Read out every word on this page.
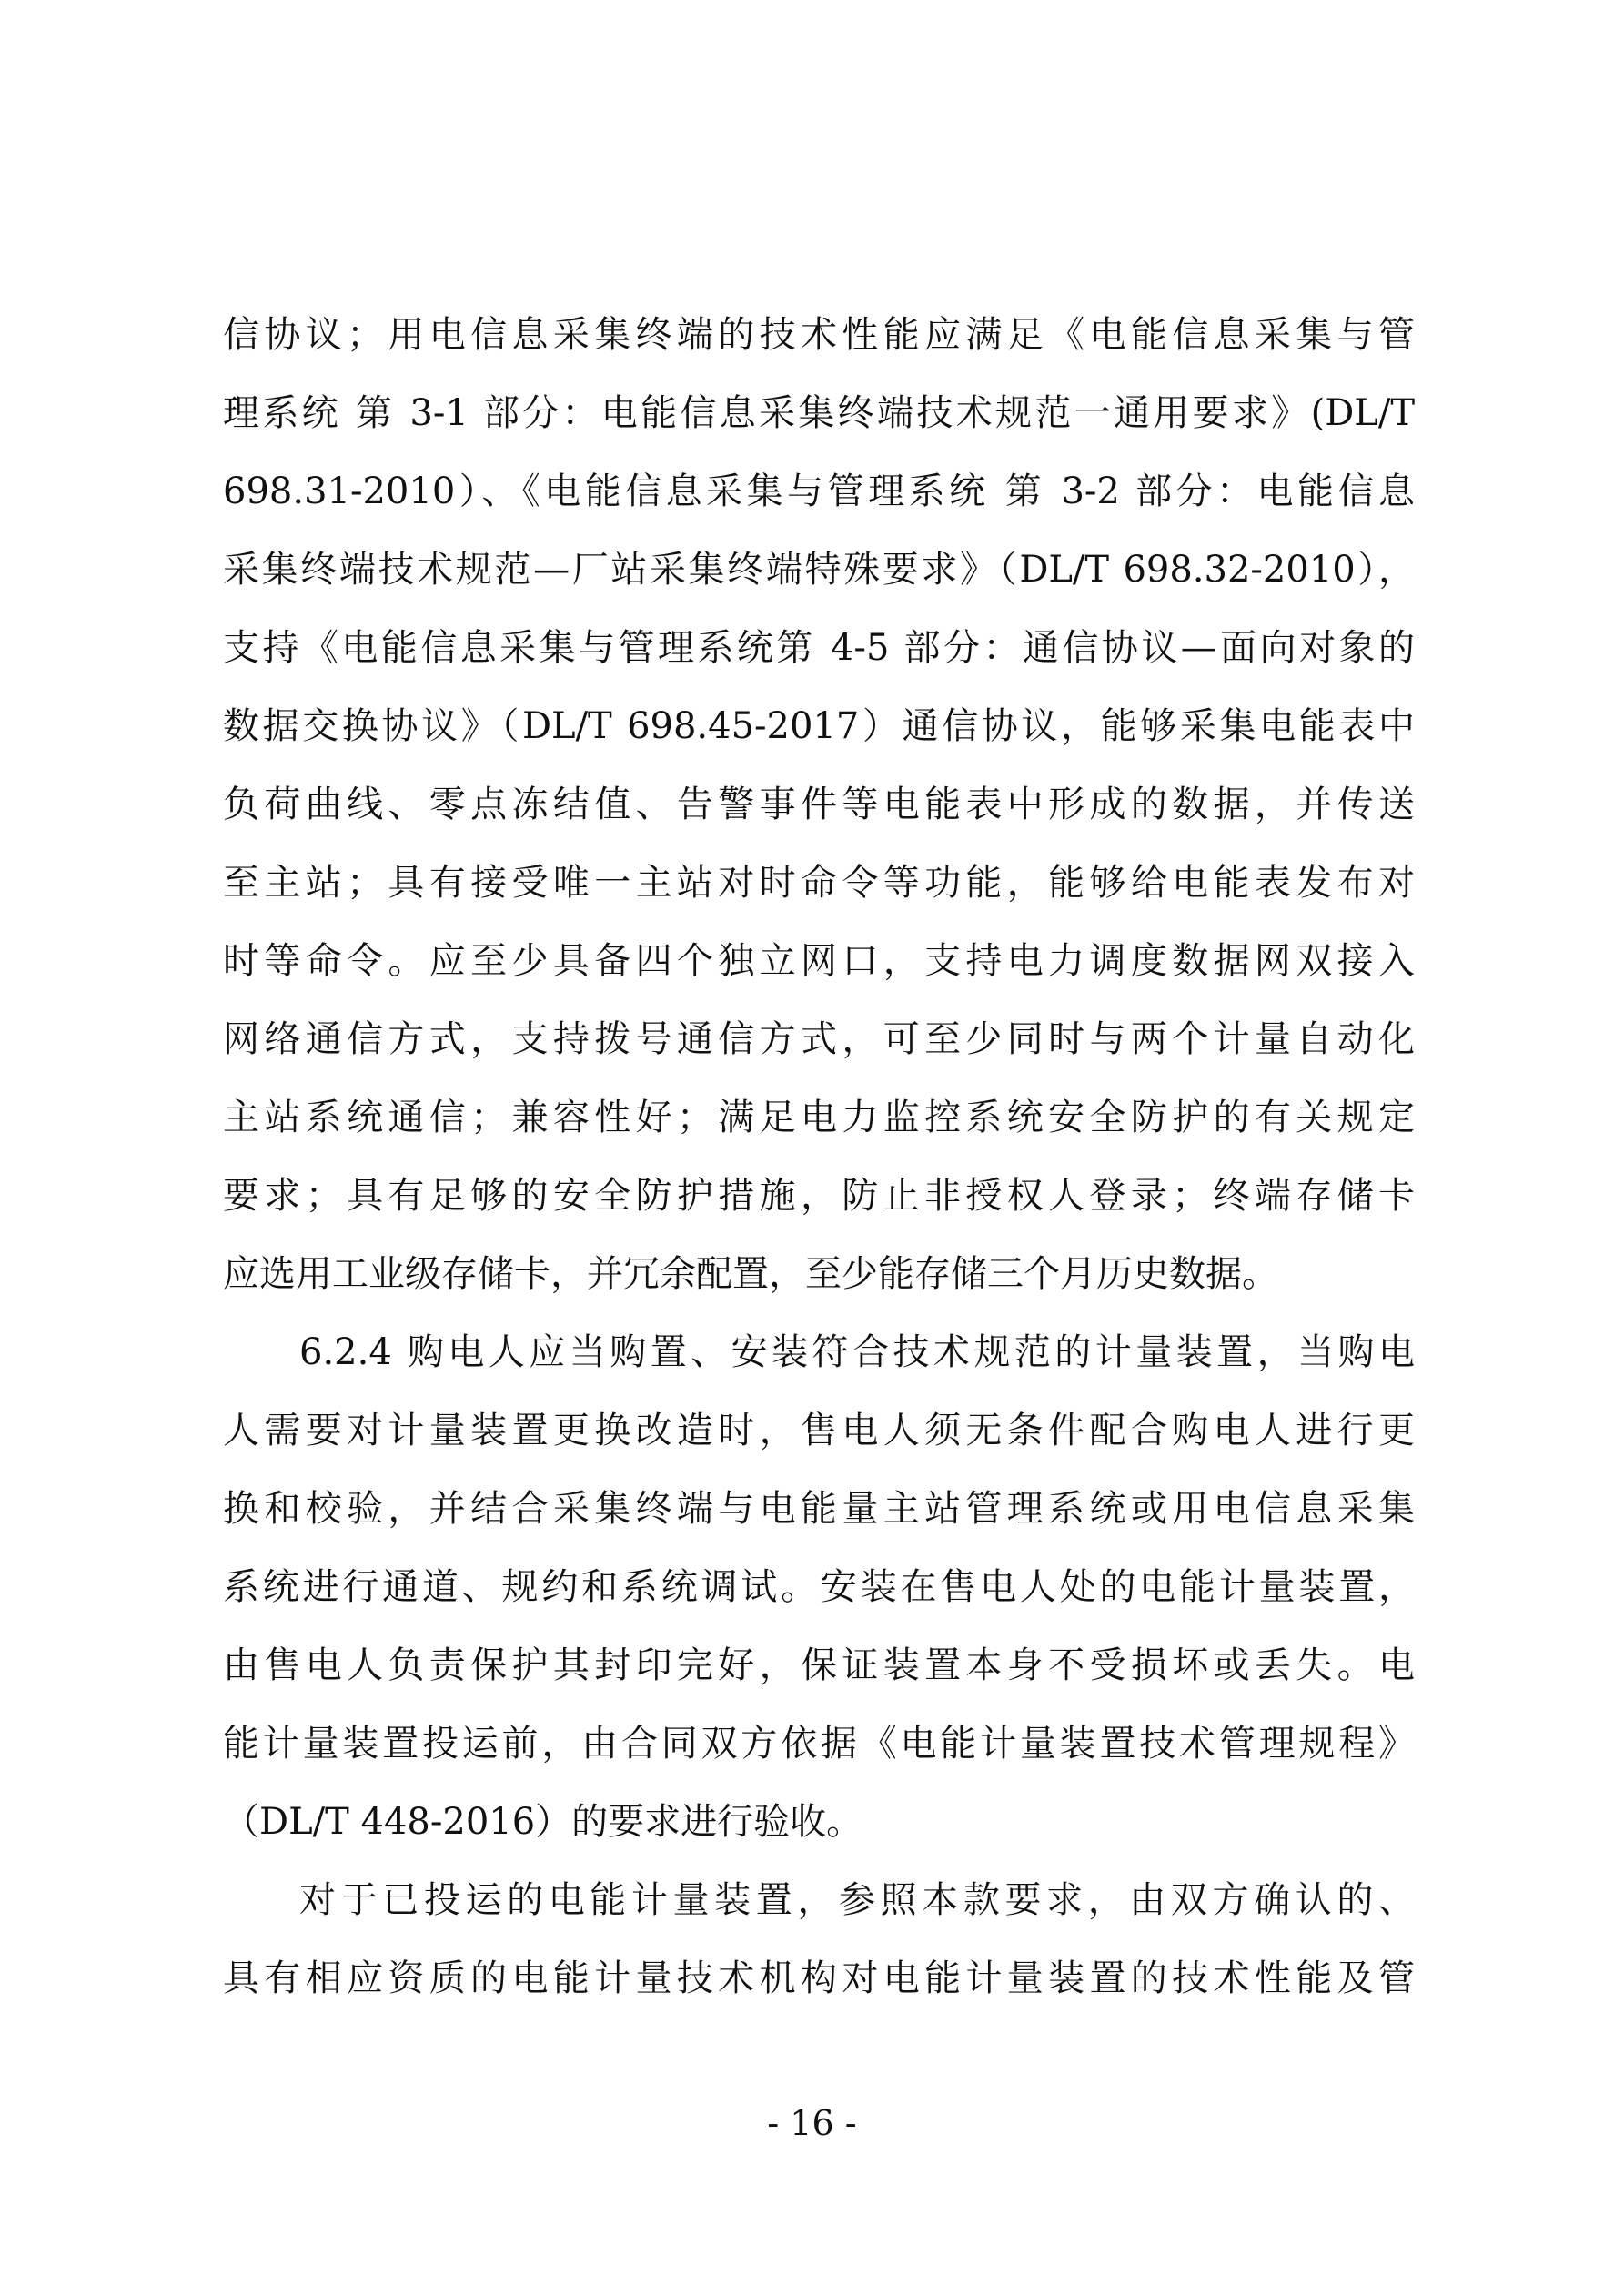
信协议；用电信息采集终端的技术性能应满足《电能信息采集与管
理系统 第 3-1 部分：电能信息采集终端技术规范一通用要求》(DL/T
698.31-2010）、《电能信息采集与管理系统 第 3-2 部分：电能信息
采集终端技术规范—厂站采集终端特殊要求》（DL/T 698.32-2010），
支持《电能信息采集与管理系统第 4-5 部分：通信协议—面向对象的
数据交换协议》（DL/T 698.45-2017）通信协议，能够采集电能表中
负荷曲线、零点冻结值、告警事件等电能表中形成的数据，并传送
至主站；具有接受唯一主站对时命令等功能，能够给电能表发布对
时等命令。应至少具备四个独立网口，支持电力调度数据网双接入
网络通信方式，支持拨号通信方式，可至少同时与两个计量自动化
主站系统通信；兼容性好；满足电力监控系统安全防护的有关规定
要求；具有足够的安全防护措施，防止非授权人登录；终端存储卡
应选用工业级存储卡，并冗余配置，至少能存储三个月历史数据。
6.2.4 购电人应当购置、安装符合技术规范的计量装置，当购电
人需要对计量装置更换改造时，售电人须无条件配合购电人进行更
换和校验，并结合采集终端与电能量主站管理系统或用电信息采集
系统进行通道、规约和系统调试。安装在售电人处的电能计量装置，
由售电人负责保护其封印完好，保证装置本身不受损坏或丢失。电
能计量装置投运前，由合同双方依据《电能计量装置技术管理规程》
（DL/T 448-2016）的要求进行验收。
对于已投运的电能计量装置，参照本款要求，由双方确认的、
具有相应资质的电能计量技术机构对电能计量装置的技术性能及管
- 16 -
